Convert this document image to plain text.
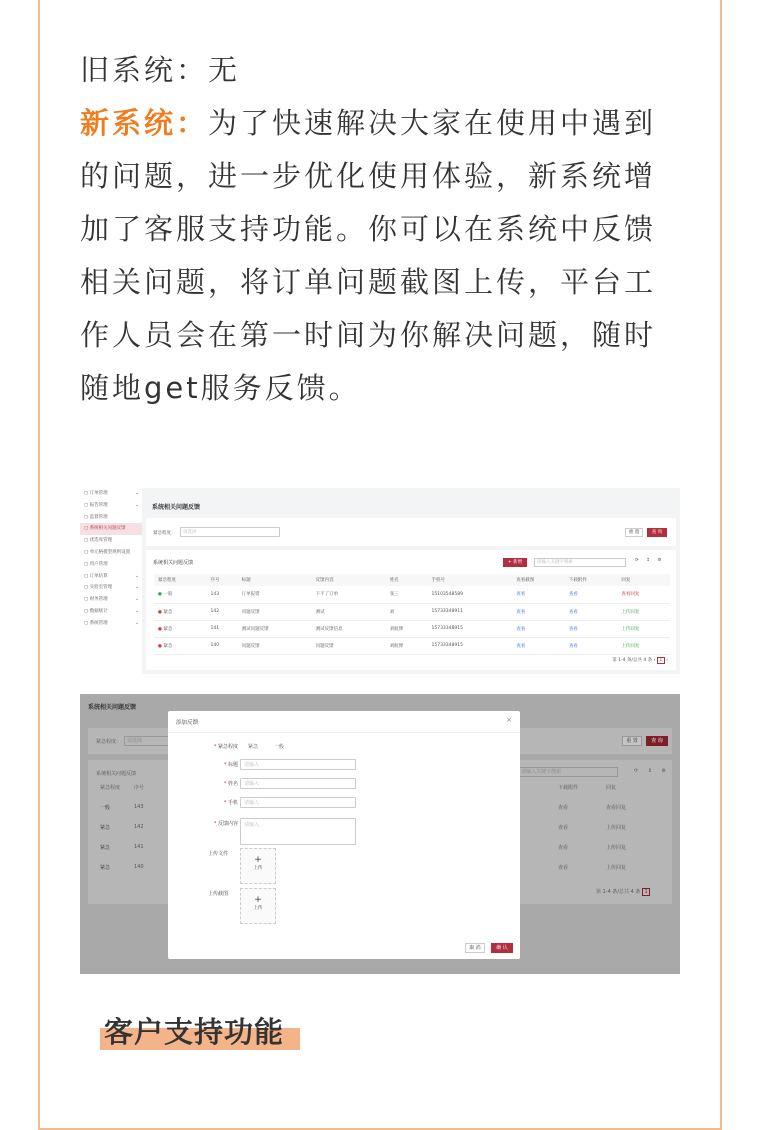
旧系统：无
新系统：为了快速解决大家在使用中遇到的问题，进一步优化使用体验，新系统增加了客服支持功能。你可以在系统中反馈相关问题，将订单问题截图上传，平台工作人员会在第一时间为你解决问题，随时随地get服务反馈。
▢ 订单管理	⌄
▢ 报告管理	⌄
▢ 监督管理
▢ 系统相关问题反馈
▢ 优选库管理
▢ 单元格模型规则设置
▢ 用户管理
▢ 订单结算	⌄
▢ 实验室管理	⌄
▢ 财务管理	⌄
▢ 数据统计	⌄
▢ 系统管理	⌄
系统相关问题反馈
紧急程度：	请选择	重 置	查 询
系统相关问题反馈	+ 新增	请输入关键字搜索	⟳ ↕ ⚙
紧急程度	序号	标题	反馈内容	姓名	手机号	查看截图	下载附件	回复
● 一般	143	订单报错	下不了订单	张三	15103548589	查看	查看	查看回复
● 紧急	142	问题反馈	测试	刘	15733348911	查看	查看	上传回复
● 紧急	141	测试问题反馈	测试反馈信息	刘航博	15733348915	查看	查看	上传回复
● 紧急	140	问题反馈	问题反馈	刘航博	15733348915	查看	查看	上传回复
第 1-4 条/总共 4 条 ‹ 1 ›
系统相关问题反馈
紧急程度：	请选择	重 置	查 询
系统相关问题反馈	请输入关键字搜索	⟳ ↕ ⚙
紧急程度	序号	下载附件	回复
一般	143	查看	查看回复
紧急	142	查看	上传回复
紧急	141	查看	上传回复
紧急	140	查看	上传回复
第 1-4 条/总共 4 条 1
添加反馈	×
* 紧急程度 紧急	一般
* 标题	请输入
* 姓名	请输入
* 手机	请输入
* 反馈内容	请输入
上传文件
+
上传
上传截图
+
上传
取 消	确 认
客户支持功能
